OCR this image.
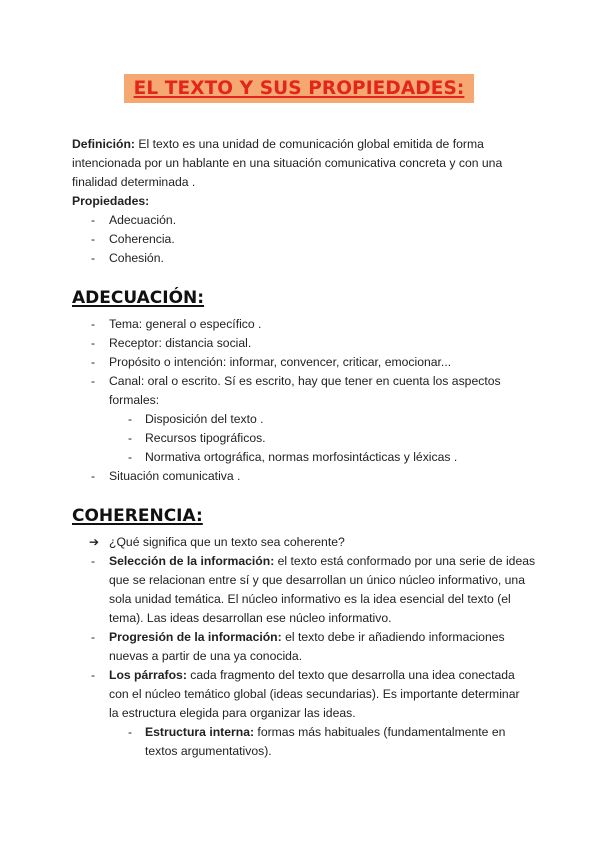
EL TEXTO Y SUS PROPIEDADES:
Definición: El texto es una unidad de comunicación global emitida de forma
intencionada por un hablante en una situación comunicativa concreta y con una
finalidad determinada .
Propiedades:
- Adecuación.
- Coherencia.
- Cohesión.
ADECUACIÓN:
- Tema: general o específico .
- Receptor: distancia social.
- Propósito o intención: informar, convencer, criticar, emocionar...
- Canal: oral o escrito. Sí es escrito, hay que tener en cuenta los aspectos
formales:
- Disposición del texto .
- Recursos tipográficos.
- Normativa ortográfica, normas morfosintácticas y léxicas .
- Situación comunicativa .
COHERENCIA:
➔ ¿Qué significa que un texto sea coherente?
- Selección de la información: el texto está conformado por una serie de ideas
que se relacionan entre sí y que desarrollan un único núcleo informativo, una
sola unidad temática. El núcleo informativo es la idea esencial del texto (el
tema). Las ideas desarrollan ese núcleo informativo.
- Progresión de la información: el texto debe ir añadiendo informaciones
nuevas a partir de una ya conocida.
- Los párrafos: cada fragmento del texto que desarrolla una idea conectada
con el núcleo temático global (ideas secundarias). Es importante determinar
la estructura elegida para organizar las ideas.
- Estructura interna: formas más habituales (fundamentalmente en
textos argumentativos).
